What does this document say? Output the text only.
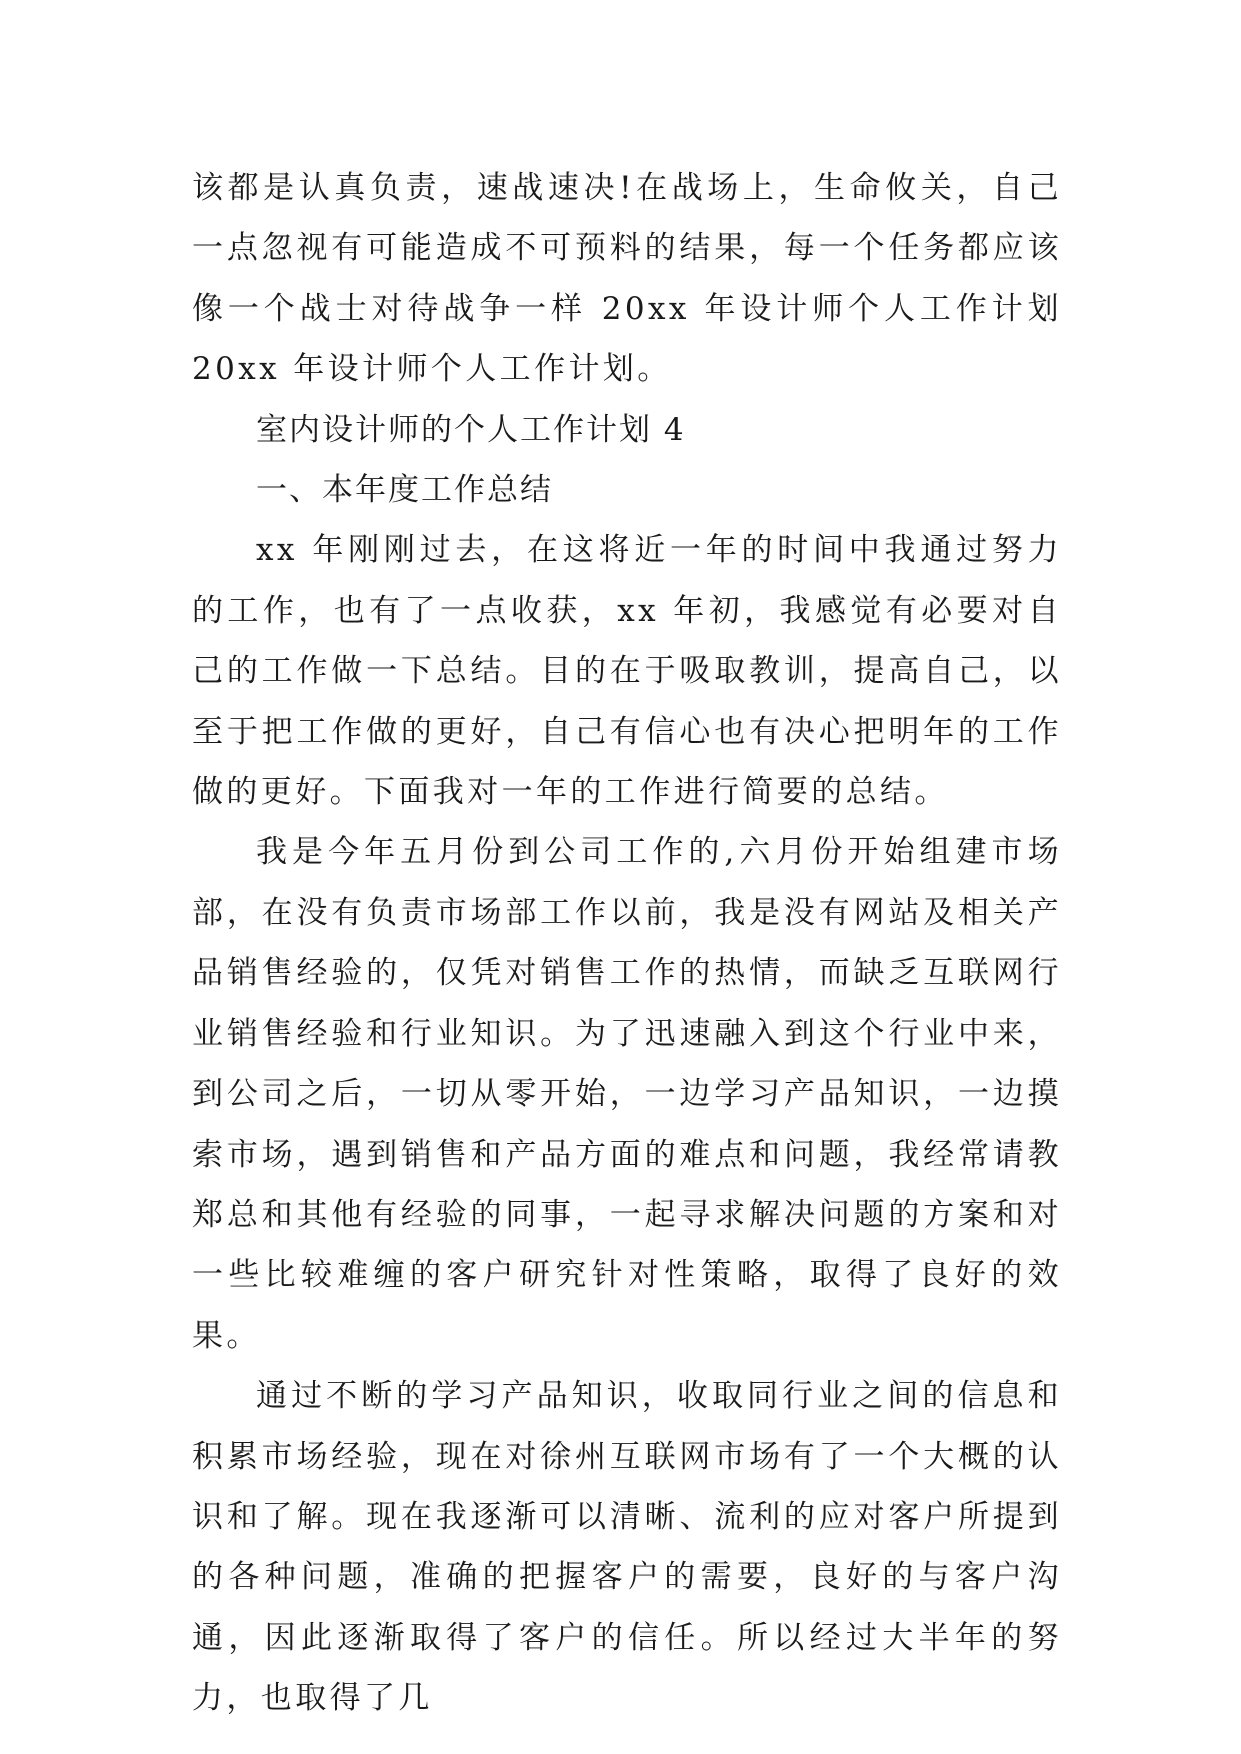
该都是认真负责，速战速决!在战场上，生命攸关，自己一点忽视有可能造成不可预料的结果，每一个任务都应该像一个战士对待战争一样 20xx 年设计师个人工作计划 20xx 年设计师个人工作计划。

室内设计师的个人工作计划 4

一、本年度工作总结

xx 年刚刚过去，在这将近一年的时间中我通过努力的工作，也有了一点收获，xx 年初，我感觉有必要对自己的工作做一下总结。目的在于吸取教训，提高自己，以至于把工作做的更好，自己有信心也有决心把明年的工作做的更好。下面我对一年的工作进行简要的总结。

我是今年五月份到公司工作的,六月份开始组建市场部，在没有负责市场部工作以前，我是没有网站及相关产品销售经验的，仅凭对销售工作的热情，而缺乏互联网行业销售经验和行业知识。为了迅速融入到这个行业中来，到公司之后，一切从零开始，一边学习产品知识，一边摸索市场，遇到销售和产品方面的难点和问题，我经常请教郑总和其他有经验的同事，一起寻求解决问题的方案和对一些比较难缠的客户研究针对性策略，取得了良好的效果。

通过不断的学习产品知识，收取同行业之间的信息和积累市场经验，现在对徐州互联网市场有了一个大概的认识和了解。现在我逐渐可以清晰、流利的应对客户所提到的各种问题，准确的把握客户的需要，良好的与客户沟通，因此逐渐取得了客户的信任。所以经过大半年的努力，也取得了几
